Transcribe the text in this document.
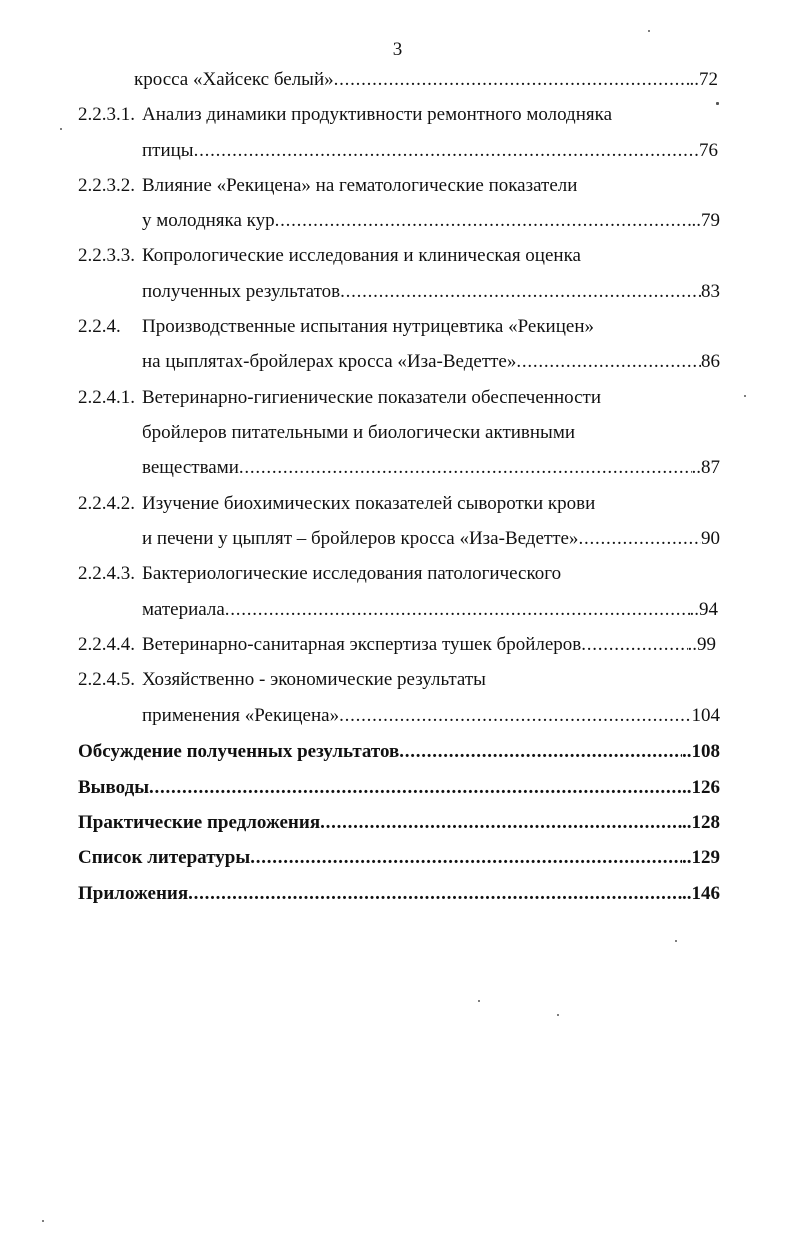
3
кросса «Хайсекс белый» . . .	..72
2.2.3.1. Анализ динамики продуктивности ремонтного молодняка
птицы . . .	76
2.2.3.2. Влияние «Рекицена» на гематологические показатели
у молодняка кур . . .	..79
2.2.3.3. Копрологические исследования и клиническая оценка
полученных результатов . . .	83
2.2.4. Производственные испытания нутрицевтика «Рекицен»
на цыплятах-бройлерах кросса «Иза-Ведетте» . . .	86
2.2.4.1. Ветеринарно-гигиенические показатели обеспеченности
бройлеров питательными и биологически активными
веществами . . .	..87
2.2.4.2. Изучение биохимических показателей сыворотки крови
и печени у цыплят – бройлеров кросса «Иза-Ведетте» . . .	90
2.2.4.3. Бактериологические исследования патологического
материала . . .	..94
2.2.4.4. Ветеринарно-санитарная экспертиза тушек бройлеров . . .	..99
2.2.4.5. Хозяйственно - экономические результаты
применения «Рекицена» . . .	104
Обсуждение полученных результатов . . .	..108
Выводы . . .	..126
Практические предложения . . .	..128
Список литературы . . .	..129
Приложения . . .	..146
